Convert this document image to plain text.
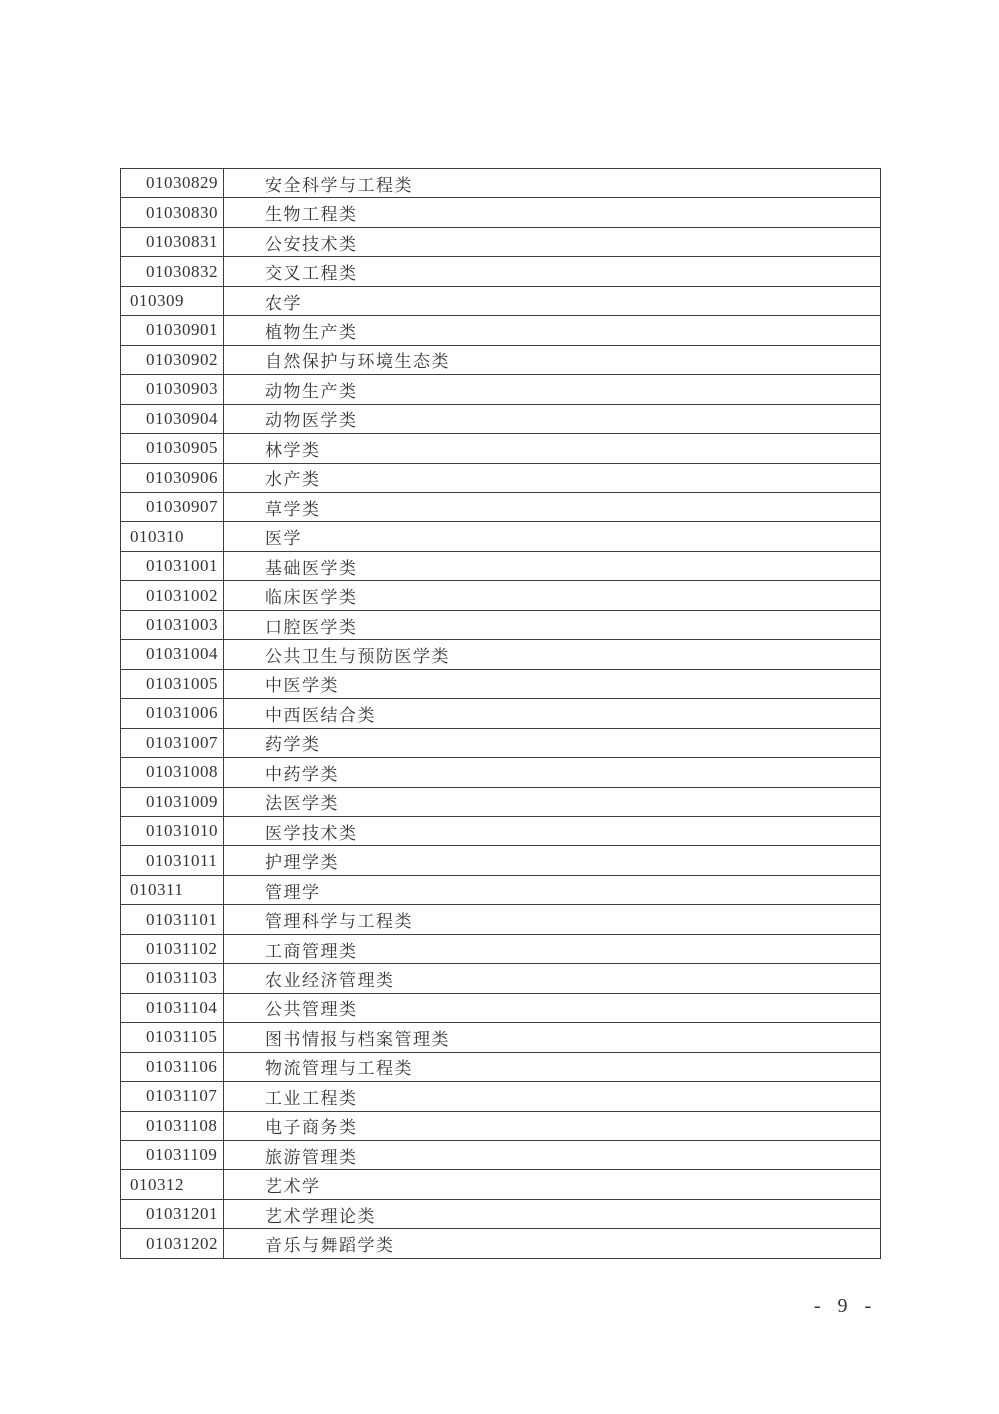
01030829	安全科学与工程类
01030830	生物工程类
01030831	公安技术类
01030832	交叉工程类
010309	农学
01030901	植物生产类
01030902	自然保护与环境生态类
01030903	动物生产类
01030904	动物医学类
01030905	林学类
01030906	水产类
01030907	草学类
010310	医学
01031001	基础医学类
01031002	临床医学类
01031003	口腔医学类
01031004	公共卫生与预防医学类
01031005	中医学类
01031006	中西医结合类
01031007	药学类
01031008	中药学类
01031009	法医学类
01031010	医学技术类
01031011	护理学类
010311	管理学
01031101	管理科学与工程类
01031102	工商管理类
01031103	农业经济管理类
01031104	公共管理类
01031105	图书情报与档案管理类
01031106	物流管理与工程类
01031107	工业工程类
01031108	电子商务类
01031109	旅游管理类
010312	艺术学
01031201	艺术学理论类
01031202	音乐与舞蹈学类
- 9 -
